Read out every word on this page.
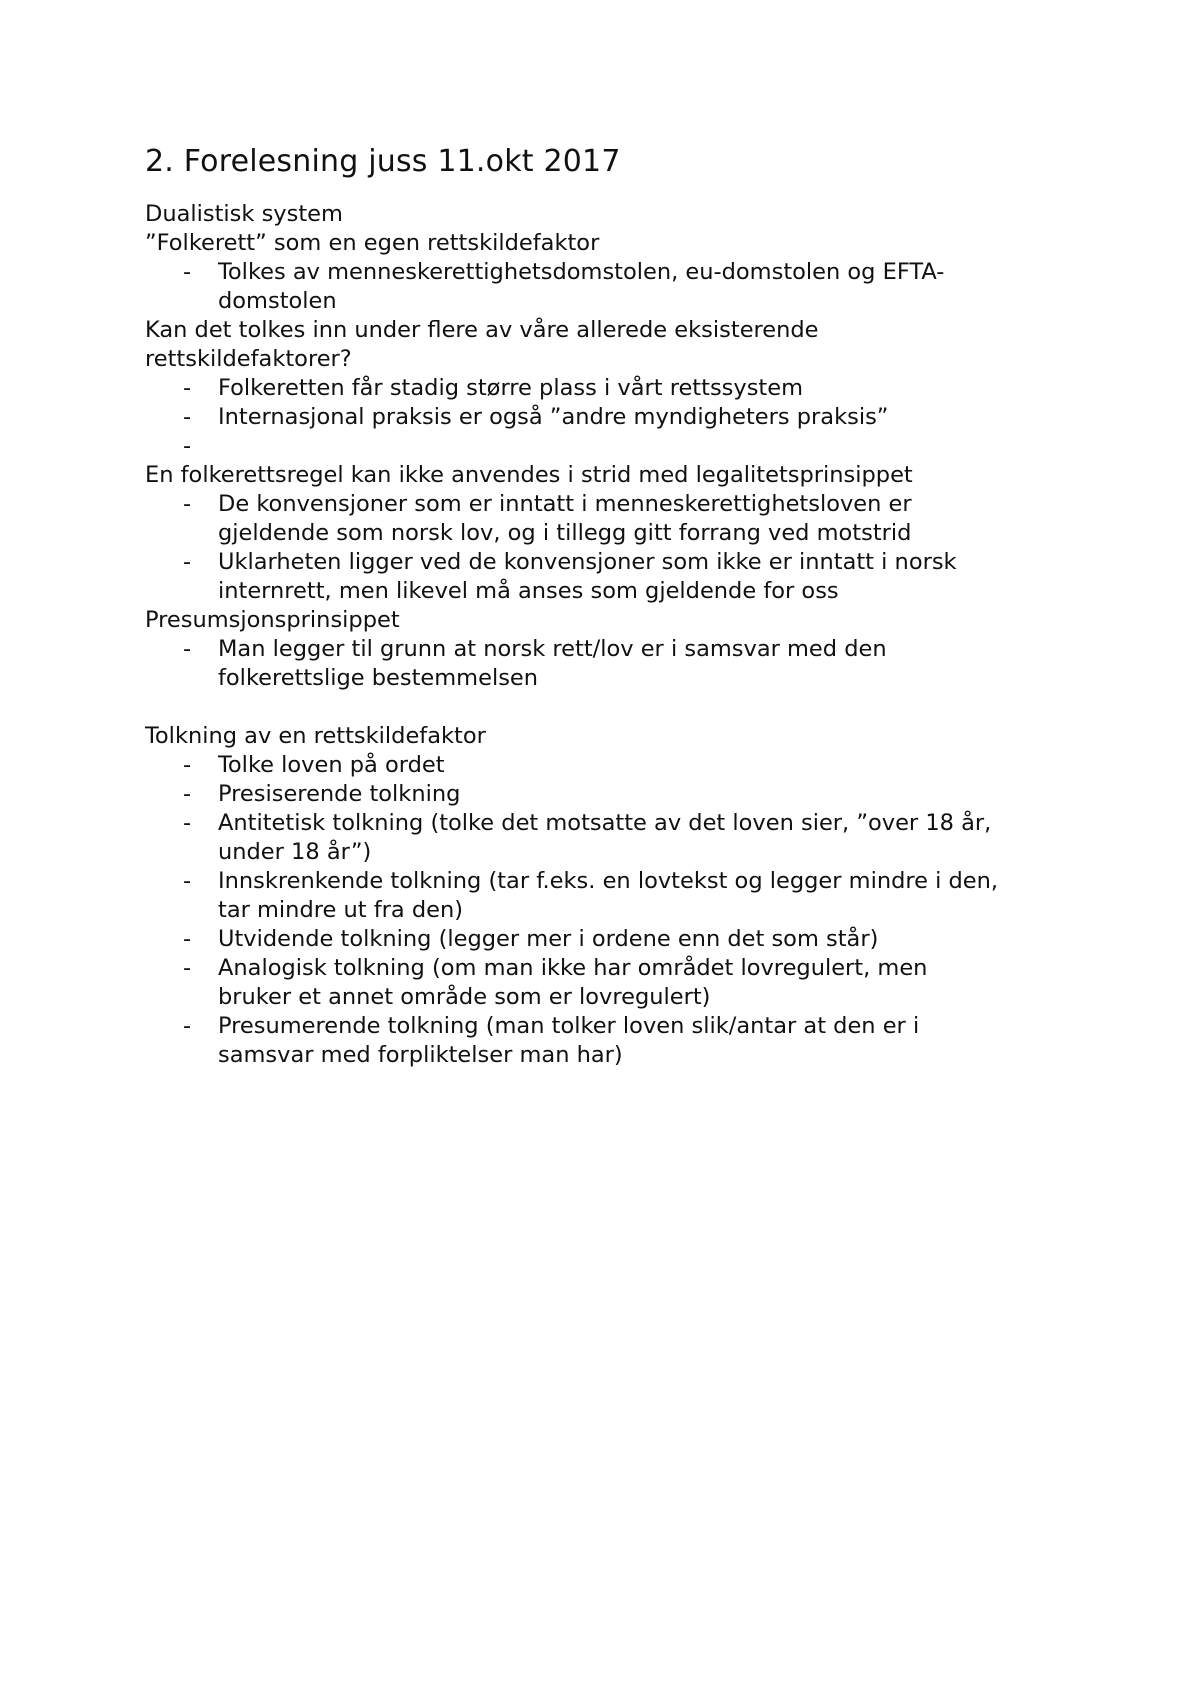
2. Forelesning juss 11.okt 2017

Dualistisk system

”Folkerett” som en egen rettskildefaktor

-	Tolkes av menneskerettighetsdomstolen, eu-domstolen og EFTA-
domstolen

Kan det tolkes inn under flere av våre allerede eksisterende

rettskildefaktorer?

-	Folkeretten får stadig større plass i vårt rettssystem
-	Internasjonal praksis er også ”andre myndigheters praksis”
-

En folkerettsregel kan ikke anvendes i strid med legalitetsprinsippet

-	De konvensjoner som er inntatt i menneskerettighetsloven er
gjeldende som norsk lov, og i tillegg gitt forrang ved motstrid
-	Uklarheten ligger ved de konvensjoner som ikke er inntatt i norsk
internrett, men likevel må anses som gjeldende for oss

Presumsjonsprinsippet

-	Man legger til grunn at norsk rett/lov er i samsvar med den
folkerettslige bestemmelsen

Tolkning av en rettskildefaktor

-	Tolke loven på ordet
-	Presiserende tolkning
-	Antitetisk tolkning (tolke det motsatte av det loven sier, ”over 18 år,
under 18 år”)
-	Innskrenkende tolkning (tar f.eks. en lovtekst og legger mindre i den,
tar mindre ut fra den)
-	Utvidende tolkning (legger mer i ordene enn det som står)
-	Analogisk tolkning (om man ikke har området lovregulert, men
bruker et annet område som er lovregulert)
-	Presumerende tolkning (man tolker loven slik/antar at den er i
samsvar med forpliktelser man har)
